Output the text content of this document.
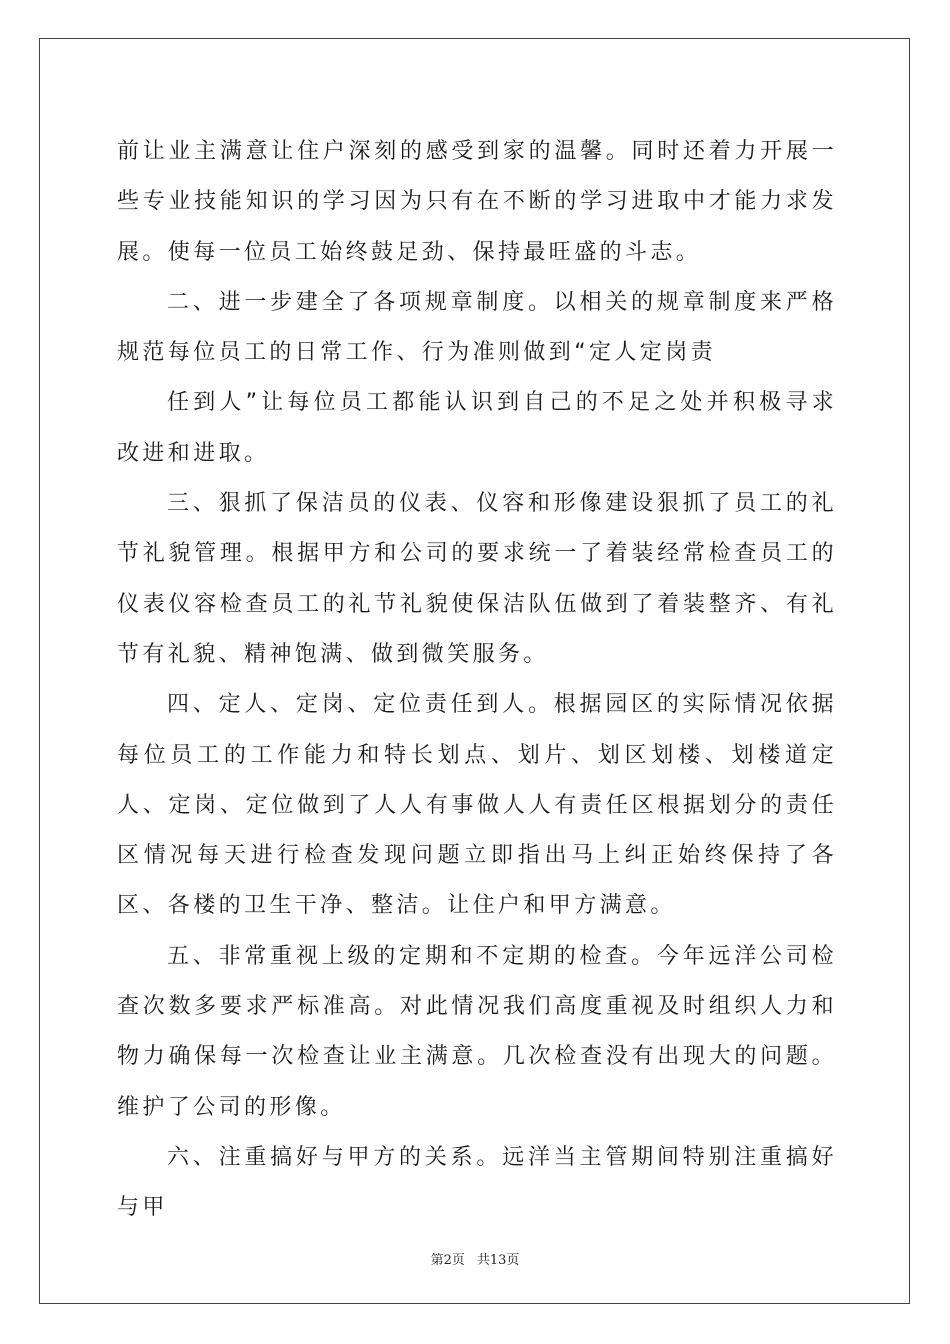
前让业主满意让住户深刻的感受到家的温馨。同时还着力开展一些专业技能知识的学习因为只有在不断的学习进取中才能力求发展。使每一位员工始终鼓足劲、保持最旺盛的斗志。

二、进一步建全了各项规章制度。以相关的规章制度来严格规范每位员工的日常工作、行为准则做到“定人定岗责

任到人”让每位员工都能认识到自己的不足之处并积极寻求改进和进取。

三、狠抓了保洁员的仪表、仪容和形像建设狠抓了员工的礼节礼貌管理。根据甲方和公司的要求统一了着装经常检查员工的仪表仪容检查员工的礼节礼貌使保洁队伍做到了着装整齐、有礼节有礼貌、精神饱满、做到微笑服务。

四、定人、定岗、定位责任到人。根据园区的实际情况依据每位员工的工作能力和特长划点、划片、划区划楼、划楼道定人、定岗、定位做到了人人有事做人人有责任区根据划分的责任区情况每天进行检查发现问题立即指出马上纠正始终保持了各区、各楼的卫生干净、整洁。让住户和甲方满意。

五、非常重视上级的定期和不定期的检查。今年远洋公司检查次数多要求严标准高。对此情况我们高度重视及时组织人力和物力确保每一次检查让业主满意。几次检查没有出现大的问题。维护了公司的形像。

六、注重搞好与甲方的关系。远洋当主管期间特别注重搞好与甲

第2页 共13页
